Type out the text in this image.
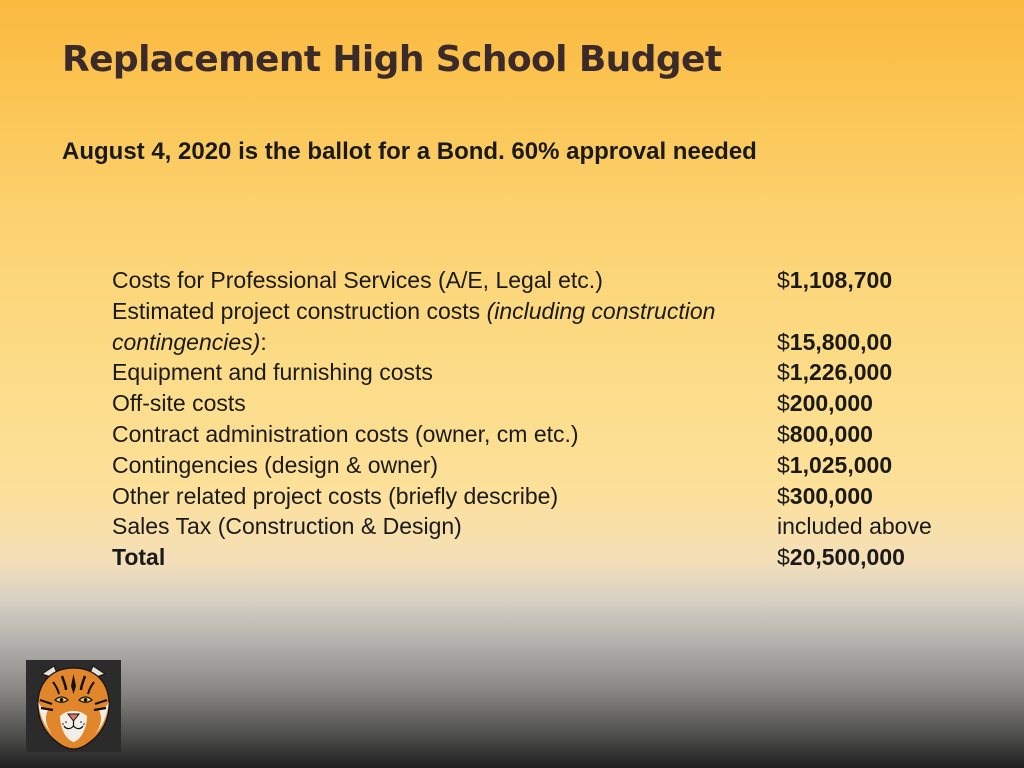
Replacement High School Budget

August 4, 2020 is the ballot for a Bond. 60% approval needed

Costs for Professional Services (A/E, Legal etc.)	$1,108,700
Estimated project construction costs (including construction
contingencies):	$15,800,00
Equipment and furnishing costs	$1,226,000
Off-site costs	$200,000
Contract administration costs (owner, cm etc.)	$800,000
Contingencies (design & owner)	$1,025,000
Other related project costs (briefly describe)	$300,000
Sales Tax (Construction & Design)	included above
Total	$20,500,000
